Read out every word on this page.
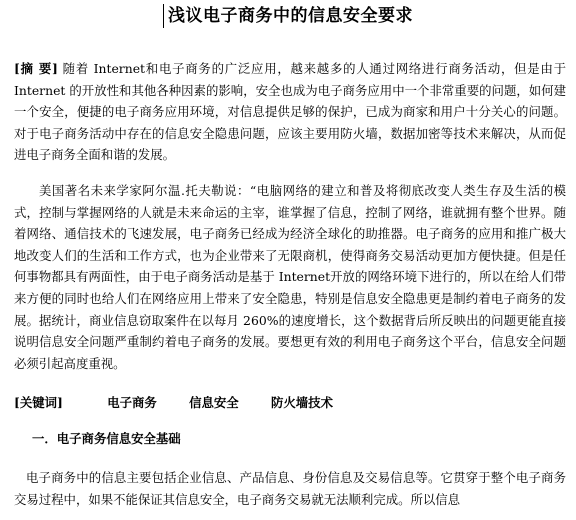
浅议电子商务中的信息安全要求

[摘 要] 随着 Internet和电子商务的广泛应用，越来越多的人通过网络进行商务活动，但是由于 Internet 的开放性和其他各种因素的影响，安全也成为电子商务应用中一个非常重要的问题，如何建一个安全，便捷的电子商务应用环境，对信息提供足够的保护，已成为商家和用户十分关心的问题。对于电子商务活动中存在的信息安全隐患问题，应该主要用防火墙，数据加密等技术来解决，从而促进电子商务全面和谐的发展。

美国著名未来学家阿尔温.托夫勒说：“电脑网络的建立和普及将彻底改变人类生存及生活的模式，控制与掌握网络的人就是未来命运的主宰，谁掌握了信息，控制了网络，谁就拥有整个世界。随着网络、通信技术的飞速发展，电子商务已经成为经济全球化的助推器。电子商务的应用和推广极大地改变人们的生活和工作方式，也为企业带来了无限商机，使得商务交易活动更加方便快捷。但是任何事物都具有两面性，由于电子商务活动是基于 Internet开放的网络环境下进行的，所以在给人们带来方便的同时也给人们在网络应用上带来了安全隐患，特别是信息安全隐患更是制约着电子商务的发展。据统计，商业信息窃取案件在以每月 260%的速度增长，这个数据背后所反映出的问题更能直接说明信息安全问题严重制约着电子商务的发展。要想更有效的利用电子商务这个平台，信息安全问题必须引起高度重视。

[关键词]	电子商务	信息安全	防火墙技术
一．电子商务信息安全基础

电子商务中的信息主要包括企业信息、产品信息、身份信息及交易信息等。它贯穿于整个电子商务交易过程中，如果不能保证其信息安全，电子商务交易就无法顺利完成。所以信息
